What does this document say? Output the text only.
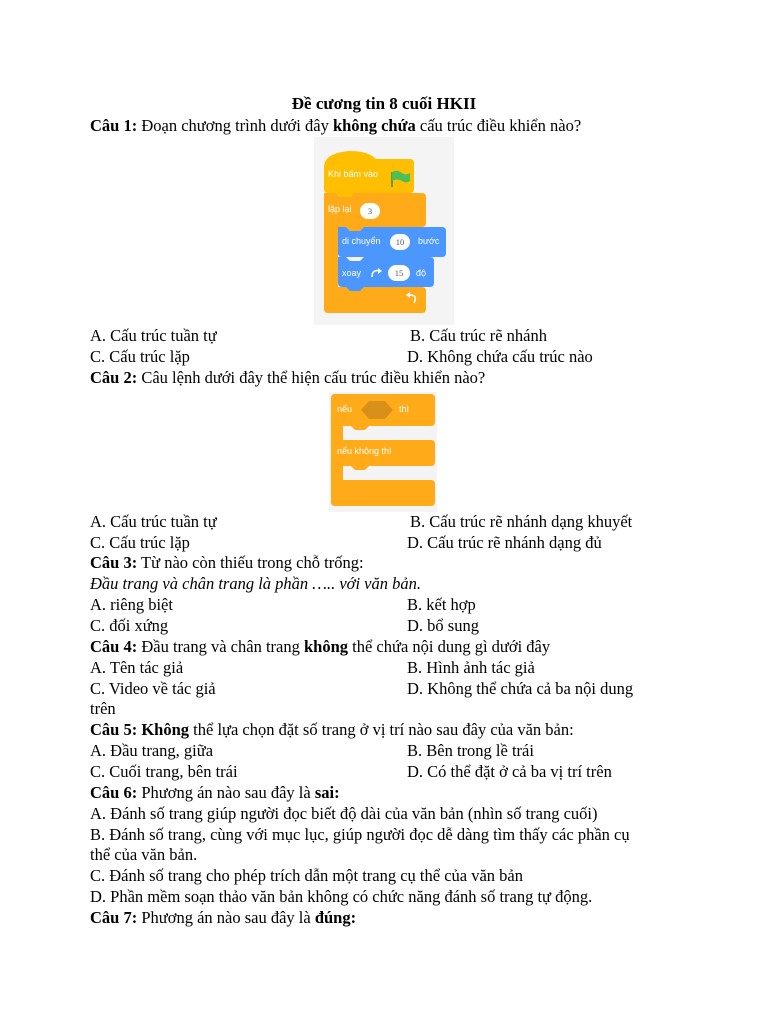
Đề cương tin 8 cuối HKII
Câu 1: Đoạn chương trình dưới đây không chứa cấu trúc điều khiển nào?
Khi bấm vào
lặp lại	3
di chuyển	10	bước
xoay	15	độ
A. Cấu trúc tuần tự	B. Cấu trúc rẽ nhánh
C. Cấu trúc lặp	D. Không chứa cấu trúc nào
Câu 2: Câu lệnh dưới đây thể hiện cấu trúc điều khiển nào?
nếu	thì
nếu không thì
A. Cấu trúc tuần tự	B. Cấu trúc rẽ nhánh dạng khuyết
C. Cấu trúc lặp	D. Cấu trúc rẽ nhánh dạng đủ
Câu 3: Từ nào còn thiếu trong chỗ trống:
Đầu trang và chân trang là phần ….. với văn bản.
A. riêng biệt	B. kết hợp
C. đối xứng	D. bổ sung
Câu 4: Đầu trang và chân trang không thể chứa nội dung gì dưới đây
A. Tên tác giả	B. Hình ảnh tác giả
C. Video về tác giả	D. Không thể chứa cả ba nội dung
trên
Câu 5: Không thể lựa chọn đặt số trang ở vị trí nào sau đây của văn bản:
A. Đầu trang, giữa	B. Bên trong lề trái
C. Cuối trang, bên trái	D. Có thể đặt ở cả ba vị trí trên
Câu 6: Phương án nào sau đây là sai:
A. Đánh số trang giúp người đọc biết độ dài của văn bản (nhìn số trang cuối)
B. Đánh số trang, cùng với mục lục, giúp người đọc dễ dàng tìm thấy các phần cụ
thể của văn bản.
C. Đánh số trang cho phép trích dẫn một trang cụ thể của văn bản
D. Phần mềm soạn thảo văn bản không có chức năng đánh số trang tự động.
Câu 7: Phương án nào sau đây là đúng:
